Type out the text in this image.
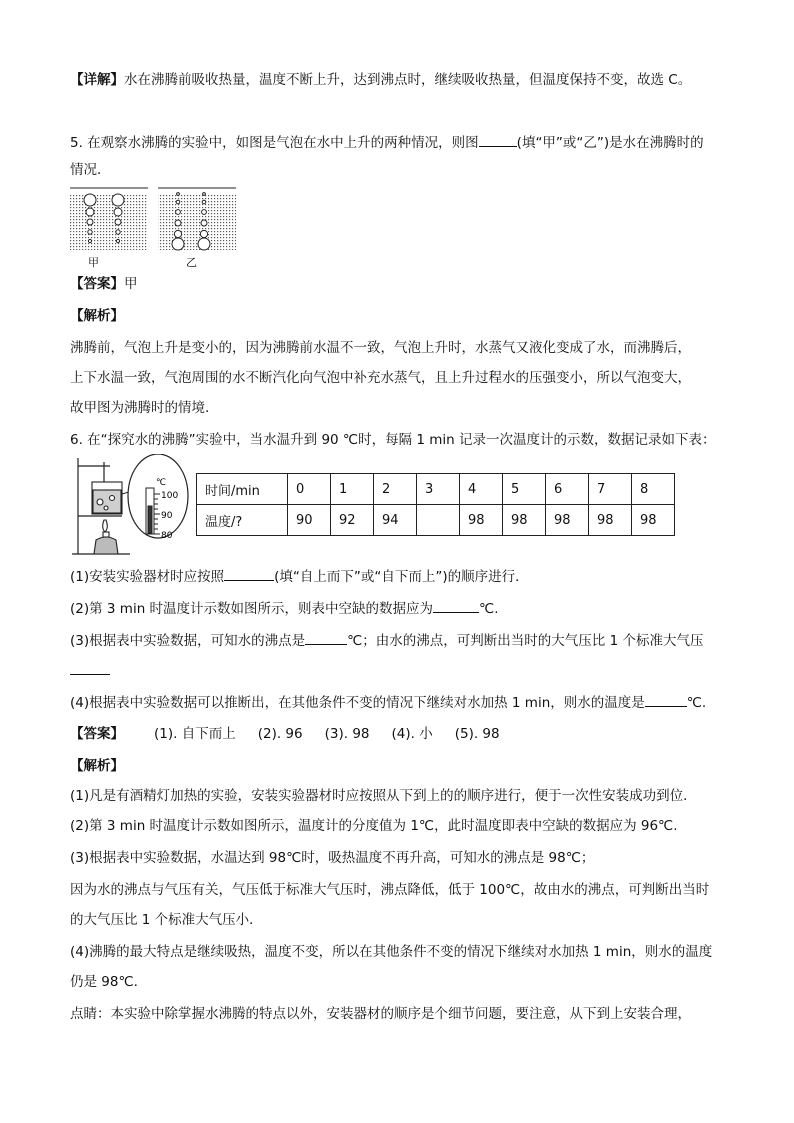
【详解】水在沸腾前吸收热量，温度不断上升，达到沸点时，继续吸收热量，但温度保持不变，故选 C。
5. 在观察水沸腾的实验中，如图是气泡在水中上升的两种情况，则图	(填“甲”或“乙”)是水在沸腾时的
情况．
甲	乙
【答案】甲
【解析】
沸腾前，气泡上升是变小的，因为沸腾前水温不一致，气泡上升时，水蒸气又液化变成了水，而沸腾后，
上下水温一致，气泡周围的水不断汽化向气泡中补充水蒸气，且上升过程水的压强变小，所以气泡变大，
故甲图为沸腾时的情境．
6. 在“探究水的沸腾”实验中，当水温升到 90 ℃时，每隔 1 min 记录一次温度计的示数，数据记录如下表：
℃
100
90
80
时间/min	0	1	2	3	4	5	6	7	8
温度/?	90	92	94		98	98	98	98	98
(1)安装实验器材时应按照	(填“自上而下”或“自下而上”)的顺序进行．
(2)第 3 min 时温度计示数如图所示，则表中空缺的数据应为	℃.
(3)根据表中实验数据，可知水的沸点是	℃；由水的沸点，可判断出当时的大气压比 1 个标准大气压
(4)根据表中实验数据可以推断出，在其他条件不变的情况下继续对水加热 1 min，则水的温度是	℃.
【答案】 (1). 自下而上 (2). 96 (3). 98 (4). 小 (5). 98
【解析】
(1)凡是有酒精灯加热的实验，安装实验器材时应按照从下到上的的顺序进行，便于一次性安装成功到位．
(2)第 3 min 时温度计示数如图所示，温度计的分度值为 1℃，此时温度即表中空缺的数据应为 96℃.
(3)根据表中实验数据，水温达到 98℃时，吸热温度不再升高，可知水的沸点是 98℃；
因为水的沸点与气压有关，气压低于标准大气压时，沸点降低，低于 100℃，故由水的沸点，可判断出当时
的大气压比 1 个标准大气压小．
(4)沸腾的最大特点是继续吸热，温度不变，所以在其他条件不变的情况下继续对水加热 1 min，则水的温度
仍是 98℃.
点睛：本实验中除掌握水沸腾的特点以外，安装器材的顺序是个细节问题，要注意，从下到上安装合理，
